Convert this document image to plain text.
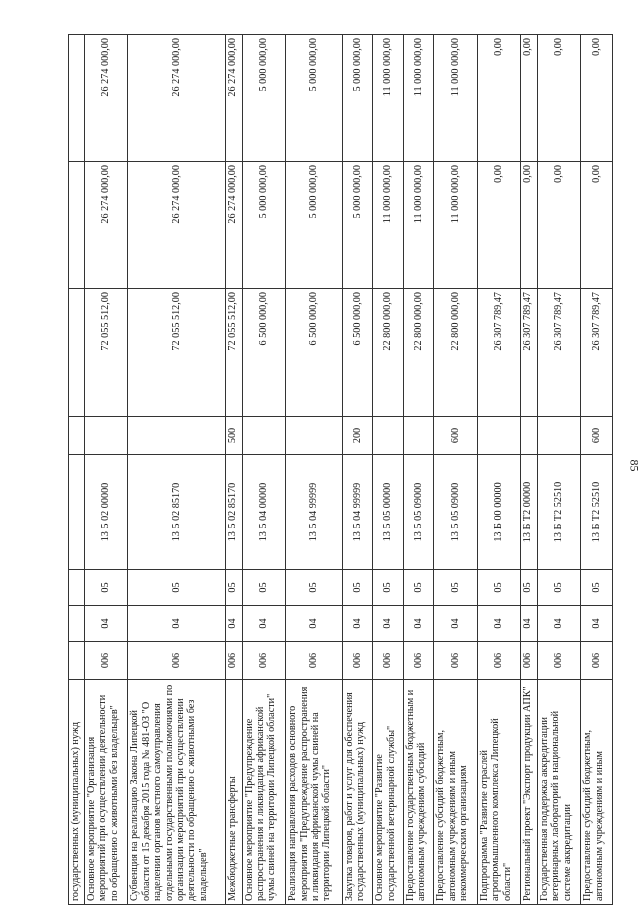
85
государственных (муниципальных) нужд								
Основное мероприятие "Организация мероприятий при осуществлении деятельности по обращению с животными без владельцев"	006	04	05	13 5 02 00000		72 055 512,00	26 274 000,00	26 274 000,00
Субвенция на реализацию Закона Липецкой области от 15 декабря 2015 года № 481-ОЗ "О наделении органов местного самоуправления отдельными государственными полномочиями по организации мероприятий при осуществлении деятельности по обращению с животными без владельцев"	006	04	05	13 5 02 85170		72 055 512,00	26 274 000,00	26 274 000,00
Межбюджетные трансферты	006	04	05	13 5 02 85170	500	72 055 512,00	26 274 000,00	26 274 000,00
Основное мероприятие "Предупреждение распространения и ликвидация африканской чумы свиней на территории Липецкой области"	006	04	05	13 5 04 00000		6 500 000,00	5 000 000,00	5 000 000,00
Реализация направления расходов основного мероприятия "Предупреждение распространения и ликвидация африканской чумы свиней на территории Липецкой области"	006	04	05	13 5 04 99999		6 500 000,00	5 000 000,00	5 000 000,00
Закупка товаров, работ и услуг для обеспечения государственных (муниципальных) нужд	006	04	05	13 5 04 99999	200	6 500 000,00	5 000 000,00	5 000 000,00
Основное мероприятие "Развитие государственной ветеринарной службы"	006	04	05	13 5 05 00000		22 800 000,00	11 000 000,00	11 000 000,00
Предоставление государственным бюджетным и автономным учреждениям субсидий	006	04	05	13 5 05 09000		22 800 000,00	11 000 000,00	11 000 000,00
Предоставление субсидий бюджетным, автономным учреждениям и иным некоммерческим организациям	006	04	05	13 5 05 09000	600	22 800 000,00	11 000 000,00	11 000 000,00
Подпрограмма "Развитие отраслей агропромышленного комплекса Липецкой области"	006	04	05	13 Б 00 00000		26 307 789,47	0,00	0,00
Региональный проект "Экспорт продукции АПК"	006	04	05	13 Б Т2 00000		26 307 789,47	0,00	0,00
Государственная поддержка аккредитации ветеринарных лабораторий в национальной системе аккредитации	006	04	05	13 Б Т2 52510		26 307 789,47	0,00	0,00
Предоставление субсидий бюджетным, автономным учреждениям и иным	006	04	05	13 Б Т2 52510	600	26 307 789,47	0,00	0,00
